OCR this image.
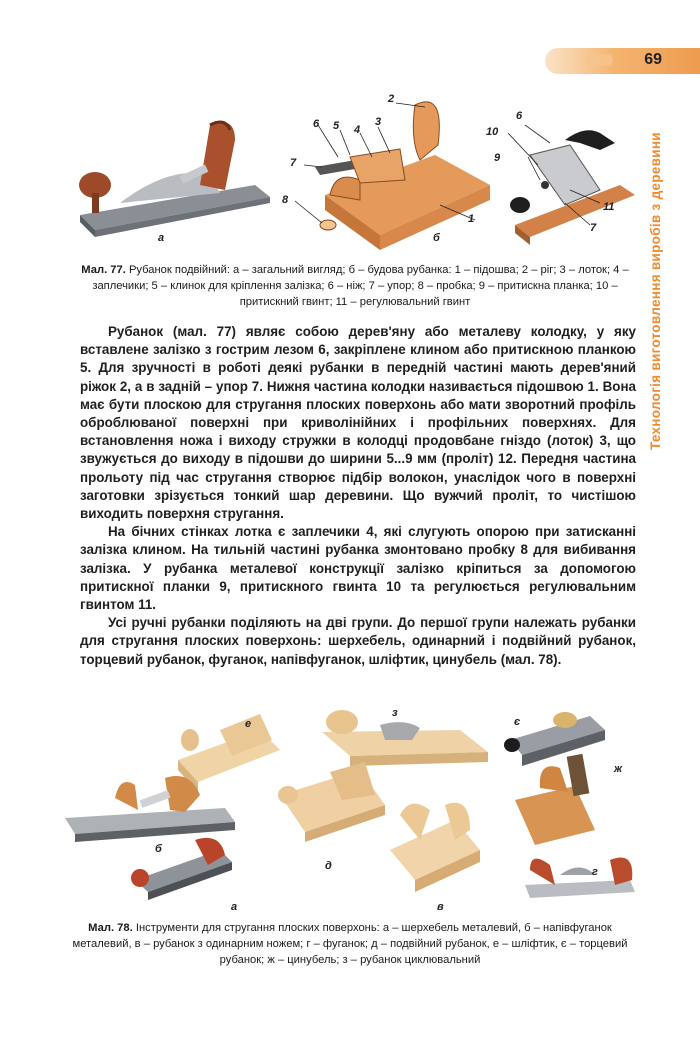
69
Технологія виготовлення виробів з деревини
а	б
2
6 5 4
3
7
8
1
6
10
9
11
7
Мал. 77. Рубанок подвійний: а – загальний вигляд; б – будова рубанка: 1 – підошва; 2 – ріг; 3 – лоток; 4 – заплечики; 5 – клинок для кріплення залізка; 6 – ніж; 7 – упор; 8 – пробка; 9 – притискна планка; 10 – притискний гвинт; 11 – регулювальний гвинт

Рубанок (мал. 77) являє собою дерев'яну або металеву колодку, у яку вставлене залізко з гострим лезом 6, закріплене клином або притискною планкою 5. Для зручності в роботі деякі рубанки в передній частині мають дерев'яний ріжок 2, а в задній – упор 7. Нижня частина колодки називається підошвою 1. Вона має бути плоскою для стругання плоских поверхонь або мати зворотний профіль оброблюваної поверхні при криволінійних і профільних поверхнях. Для встановлення ножа і виходу стружки в колодці продовбане гніздо (лоток) 3, що звужується до виходу в підошви до ширини 5...9 мм (проліт) 12. Передня частина прольоту під час стругання створює підбір волокон, унаслідок чого в поверхні заготовки зрізується тонкий шар деревини. Що вужчий проліт, то чистішою виходить поверхня стругання.

На бічних стінках лотка є заплечики 4, які слугують опорою при затисканні залізка клином. На тильній частині рубанка змонтовано пробку 8 для вибивання залізка. У рубанка металевої конструкції залізко кріпиться за допомогою притискної планки 9, притискного гвинта 10 та регулюється регулювальним гвинтом 11.

Усі ручні рубанки поділяють на дві групи. До першої групи належать рубанки для стругання плоских поверхонь: шерхебель, одинарний і подвійний рубанок, торцевий рубанок, фуганок, напівфуганок, шліфтик, цинубель (мал. 78).

е
з
є
ж
б
д	г
а	в
Мал. 78. Інструменти для стругання плоских поверхонь: а – шерхебель металевий, б – напівфуганок металевий, в – рубанок з одинарним ножем; г – фуганок; д – подвійний рубанок, е – шліфтик, є – торцевий рубанок; ж – цинубель; з – рубанок циклювальний
